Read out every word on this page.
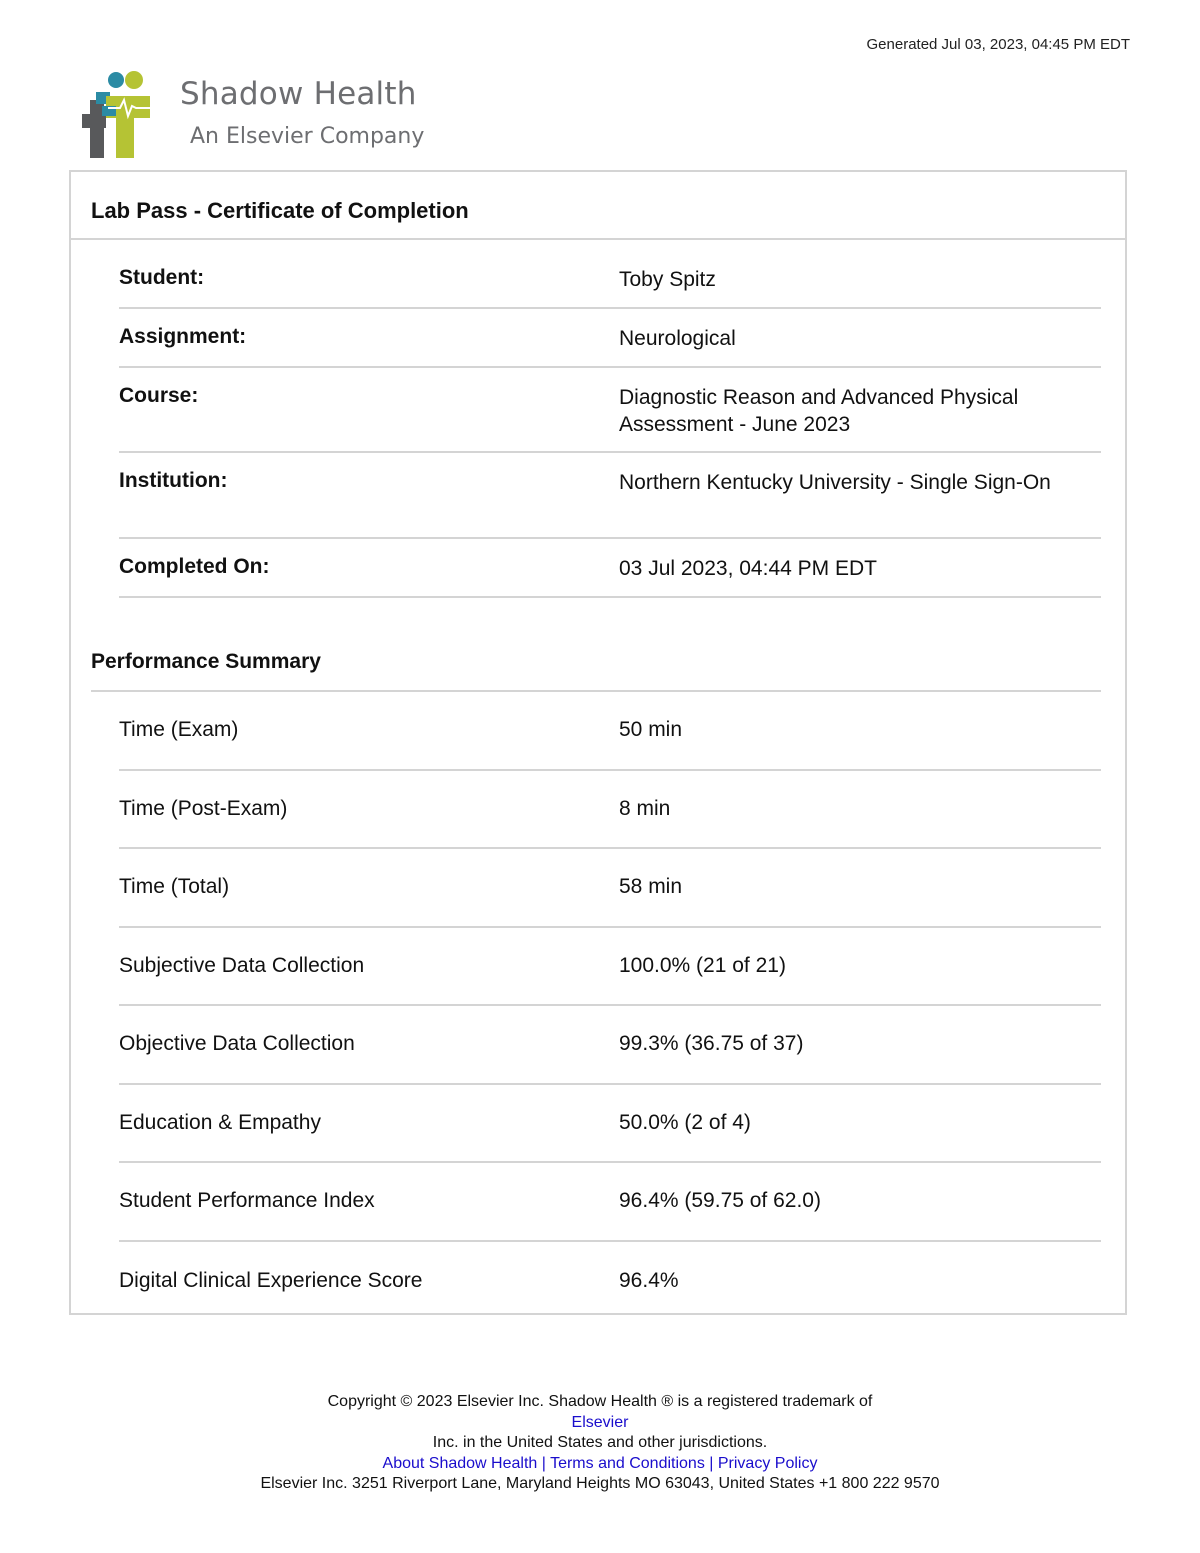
Generated Jul 03, 2023, 04:45 PM EDT
Shadow Health
An Elsevier Company
Lab Pass - Certificate of Completion
Student:	Toby Spitz
Assignment:	Neurological
Course:	Diagnostic Reason and Advanced Physical Assessment - June 2023
Institution:	Northern Kentucky University - Single Sign-On
Completed On:	03 Jul 2023, 04:44 PM EDT
Performance Summary
Time (Exam)	50 min
Time (Post-Exam)	8 min
Time (Total)	58 min
Subjective Data Collection	100.0% (21 of 21)
Objective Data Collection	99.3% (36.75 of 37)
Education & Empathy	50.0% (2 of 4)
Student Performance Index	96.4% (59.75 of 62.0)
Digital Clinical Experience Score	96.4%
Copyright © 2023 Elsevier Inc. Shadow Health ® is a registered trademark of
Elsevier
Inc. in the United States and other jurisdictions.
About Shadow Health | Terms and Conditions | Privacy Policy
Elsevier Inc. 3251 Riverport Lane, Maryland Heights MO 63043, United States +1 800 222 9570
